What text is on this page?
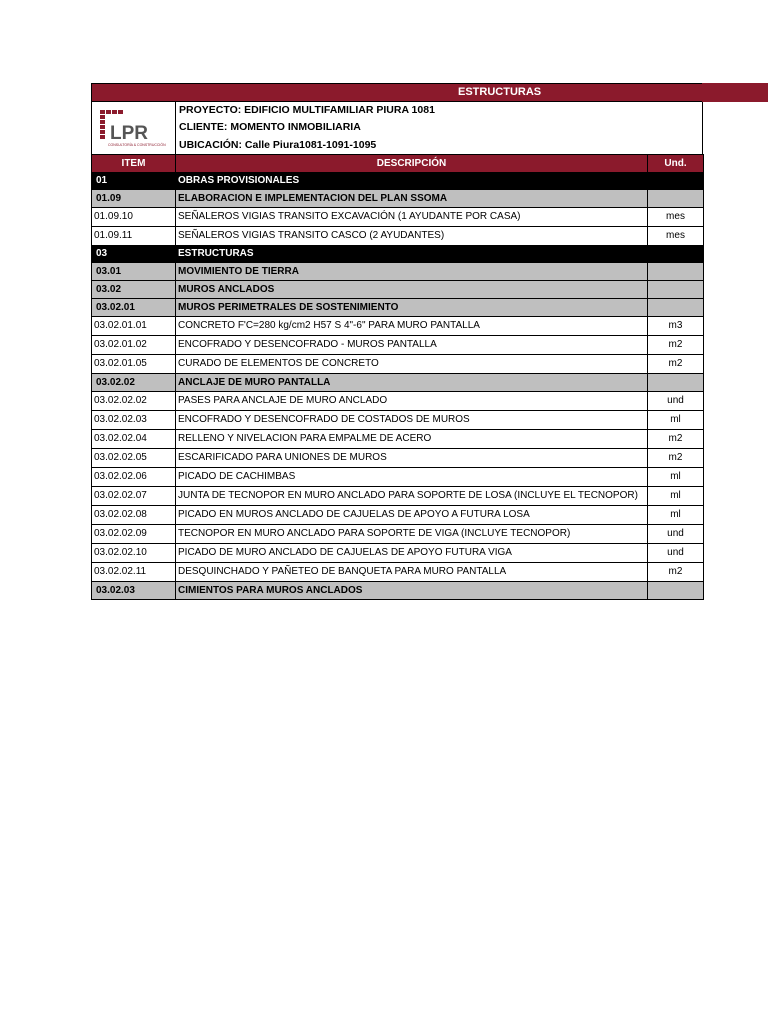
ESTRUCTURAS
LPR
CONSULTORÍA & CONSTRUCCIÓN
PROYECTO: EDIFICIO MULTIFAMILIAR PIURA 1081
CLIENTE: MOMENTO INMOBILIARIA
UBICACIÓN: Calle Piura1081-1091-1095
ITEM	DESCRIPCIÓN	Und.
01	OBRAS PROVISIONALES	
01.09	ELABORACION E IMPLEMENTACION DEL PLAN SSOMA	
01.09.10	SEÑALEROS VIGIAS TRANSITO EXCAVACIÓN (1 AYUDANTE POR CASA)	mes
01.09.11	SEÑALEROS VIGIAS TRANSITO CASCO (2 AYUDANTES)	mes
03	ESTRUCTURAS	
03.01	MOVIMIENTO DE TIERRA	
03.02	MUROS ANCLADOS	
03.02.01	MUROS PERIMETRALES DE SOSTENIMIENTO	
03.02.01.01	CONCRETO F'C=280 kg/cm2 H57 S 4"-6" PARA MURO PANTALLA	m3
03.02.01.02	ENCOFRADO Y DESENCOFRADO - MUROS PANTALLA	m2
03.02.01.05	CURADO DE ELEMENTOS DE CONCRETO	m2
03.02.02	ANCLAJE DE MURO PANTALLA	
03.02.02.02	PASES PARA ANCLAJE DE MURO ANCLADO	und
03.02.02.03	ENCOFRADO Y DESENCOFRADO DE COSTADOS DE MUROS	ml
03.02.02.04	RELLENO Y NIVELACION PARA EMPALME DE ACERO	m2
03.02.02.05	ESCARIFICADO PARA UNIONES DE MUROS	m2
03.02.02.06	PICADO DE CACHIMBAS	ml
03.02.02.07	JUNTA DE TECNOPOR EN MURO ANCLADO PARA SOPORTE DE LOSA (INCLUYE EL TECNOPOR)	ml
03.02.02.08	PICADO EN MUROS ANCLADO DE CAJUELAS DE APOYO A FUTURA LOSA	ml
03.02.02.09	TECNOPOR EN MURO ANCLADO PARA SOPORTE DE VIGA (INCLUYE TECNOPOR)	und
03.02.02.10	PICADO DE MURO ANCLADO DE CAJUELAS DE APOYO FUTURA VIGA	und
03.02.02.11	DESQUINCHADO Y PAÑETEO DE BANQUETA PARA MURO PANTALLA	m2
03.02.03	CIMIENTOS PARA MUROS ANCLADOS	
